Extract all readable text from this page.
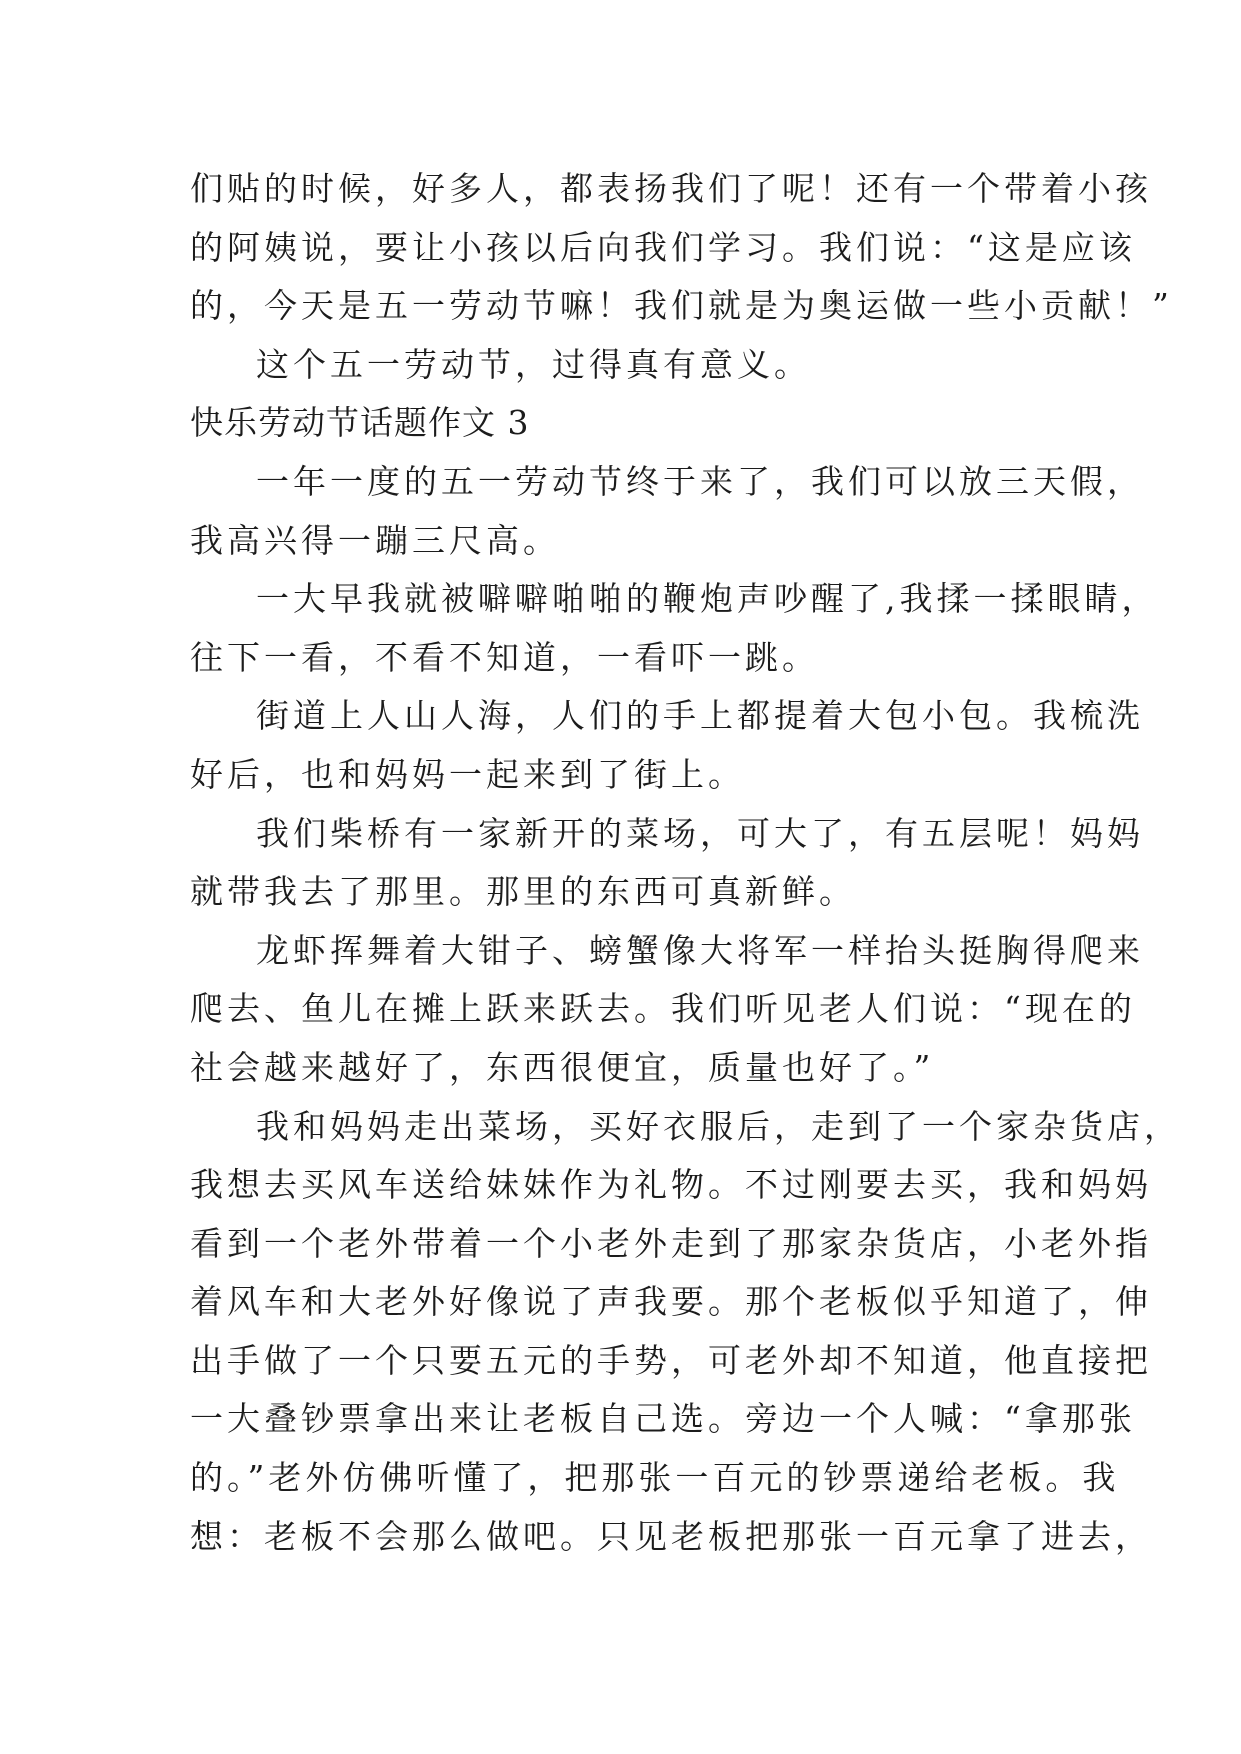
们贴的时候，好多人，都表扬我们了呢！还有一个带着小孩
的阿姨说，要让小孩以后向我们学习。我们说：“这是应该
的，今天是五一劳动节嘛！我们就是为奥运做一些小贡献！”
这个五一劳动节，过得真有意义。
快乐劳动节话题作文 3
一年一度的五一劳动节终于来了，我们可以放三天假，
我高兴得一蹦三尺高。
一大早我就被噼噼啪啪的鞭炮声吵醒了,我揉一揉眼睛，
往下一看，不看不知道，一看吓一跳。
街道上人山人海，人们的手上都提着大包小包。我梳洗
好后，也和妈妈一起来到了街上。
我们柴桥有一家新开的菜场，可大了，有五层呢！妈妈
就带我去了那里。那里的东西可真新鲜。
龙虾挥舞着大钳子、螃蟹像大将军一样抬头挺胸得爬来
爬去、鱼儿在摊上跃来跃去。我们听见老人们说：“现在的
社会越来越好了，东西很便宜，质量也好了。”
我和妈妈走出菜场，买好衣服后，走到了一个家杂货店，
我想去买风车送给妹妹作为礼物。不过刚要去买，我和妈妈
看到一个老外带着一个小老外走到了那家杂货店，小老外指
着风车和大老外好像说了声我要。那个老板似乎知道了，伸
出手做了一个只要五元的手势，可老外却不知道，他直接把
一大叠钞票拿出来让老板自己选。旁边一个人喊：“拿那张
的。”老外仿佛听懂了，把那张一百元的钞票递给老板。我
想：老板不会那么做吧。只见老板把那张一百元拿了进去，
